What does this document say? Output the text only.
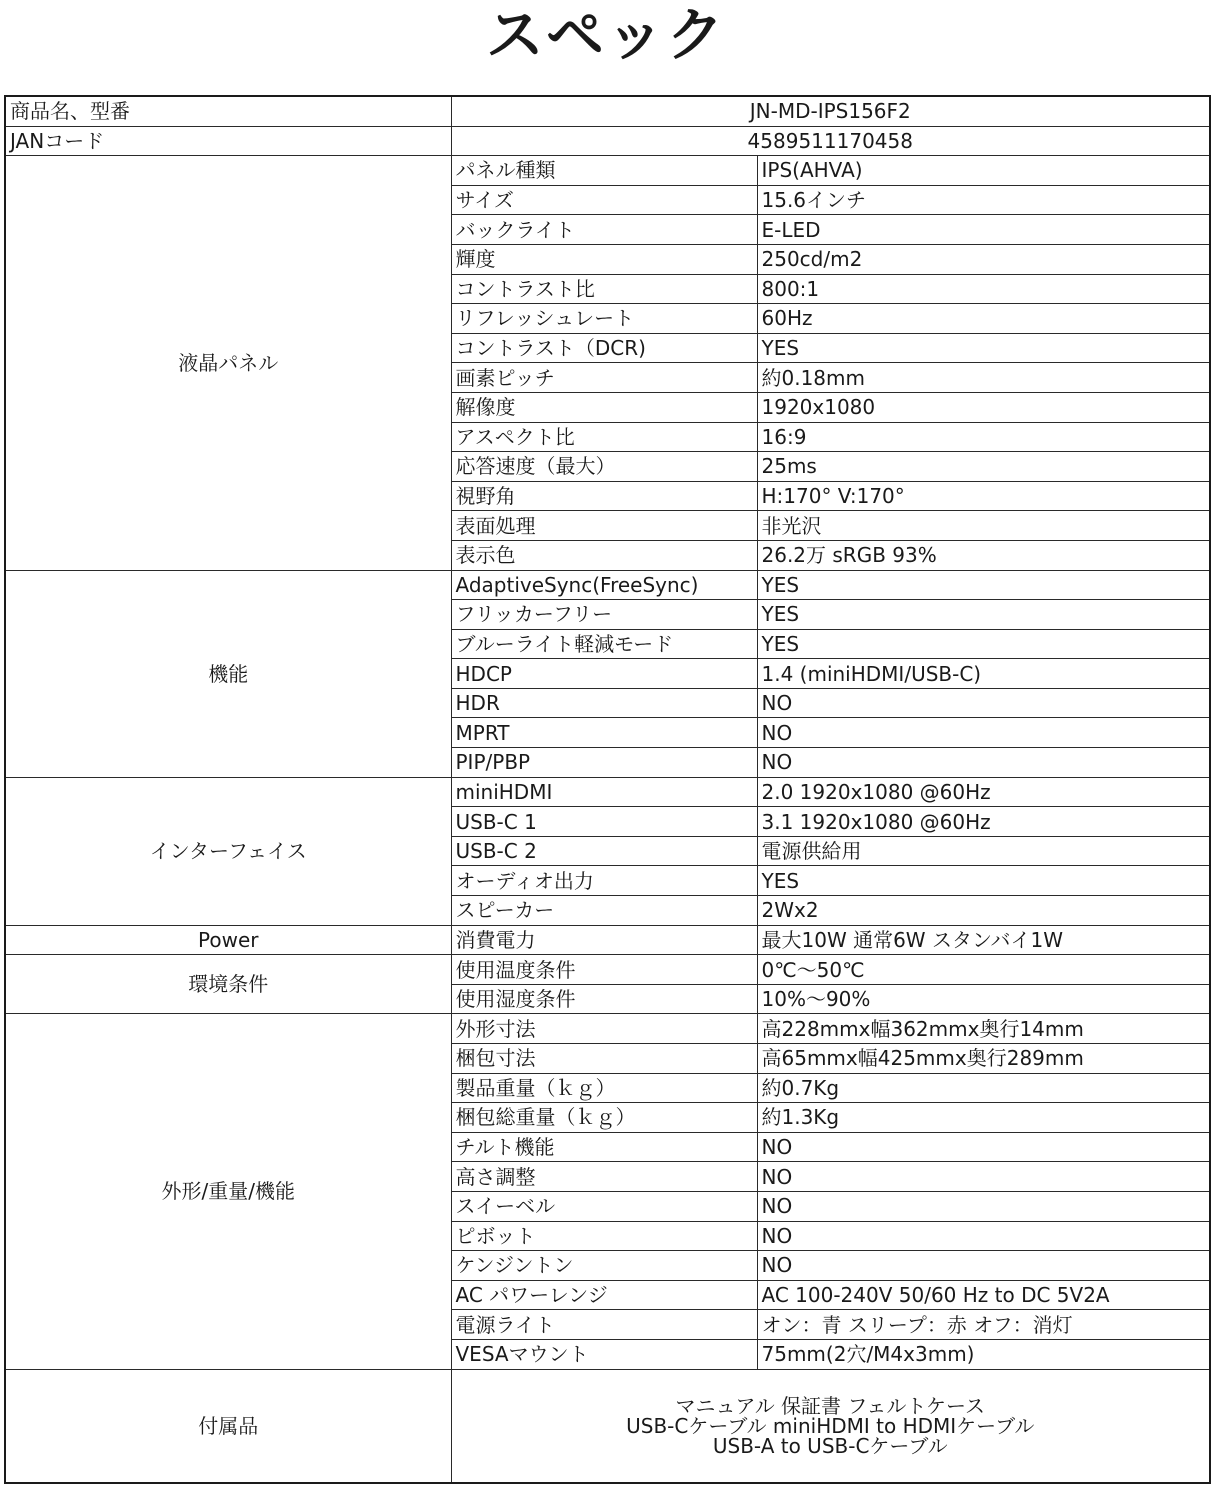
スペック
商品名、型番	JN-MD-IPS156F2	
JANコード	4589511170458	
液晶パネル	パネル種類	IPS(AHVA)
	サイズ	15.6インチ
	バックライト	E-LED
	輝度	250cd/m2
	コントラスト比	800:1
	リフレッシュレート	60Hz
	コントラスト（DCR)	YES
	画素ピッチ	約0.18mm
	解像度	1920x1080
	アスペクト比	16:9
	応答速度（最大）	25ms
	視野角	H:170° V:170°
	表面処理	非光沢
	表示色	26.2万 sRGB 93%
機能	AdaptiveSync(FreeSync)	YES
	フリッカーフリー	YES
	ブルーライト軽減モード	YES
	HDCP	1.4 (miniHDMI/USB-C)
	HDR	NO
	MPRT	NO
	PIP/PBP	NO
インターフェイス	miniHDMI	2.0 1920x1080 @60Hz
	USB-C 1	3.1 1920x1080 @60Hz
	USB-C 2	電源供給用
	オーディオ出力	YES
	スピーカー	2Wx2
Power	消費電力	最大10W 通常6W スタンバイ1W
環境条件	使用温度条件	0℃～50℃
	使用湿度条件	10%～90%
外形/重量/機能	外形寸法	高228mmx幅362mmx奥行14mm
	梱包寸法	高65mmx幅425mmx奥行289mm
	製品重量（ｋｇ）	約0.7Kg
	梱包総重量（ｋｇ）	約1.3Kg
	チルト機能	NO
	高さ調整	NO
	スイーベル	NO
	ピボット	NO
	ケンジントン	NO
	AC パワーレンジ	AC 100-240V 50/60 Hz to DC 5V2A
	電源ライト	オン：青 スリープ：赤 オフ：消灯
	VESAマウント	75mm(2穴/M4x3mm)
付属品	マニュアル 保証書 フェルトケース
USB-Cケーブル miniHDMI to HDMIケーブル
USB-A to USB-Cケーブル	
